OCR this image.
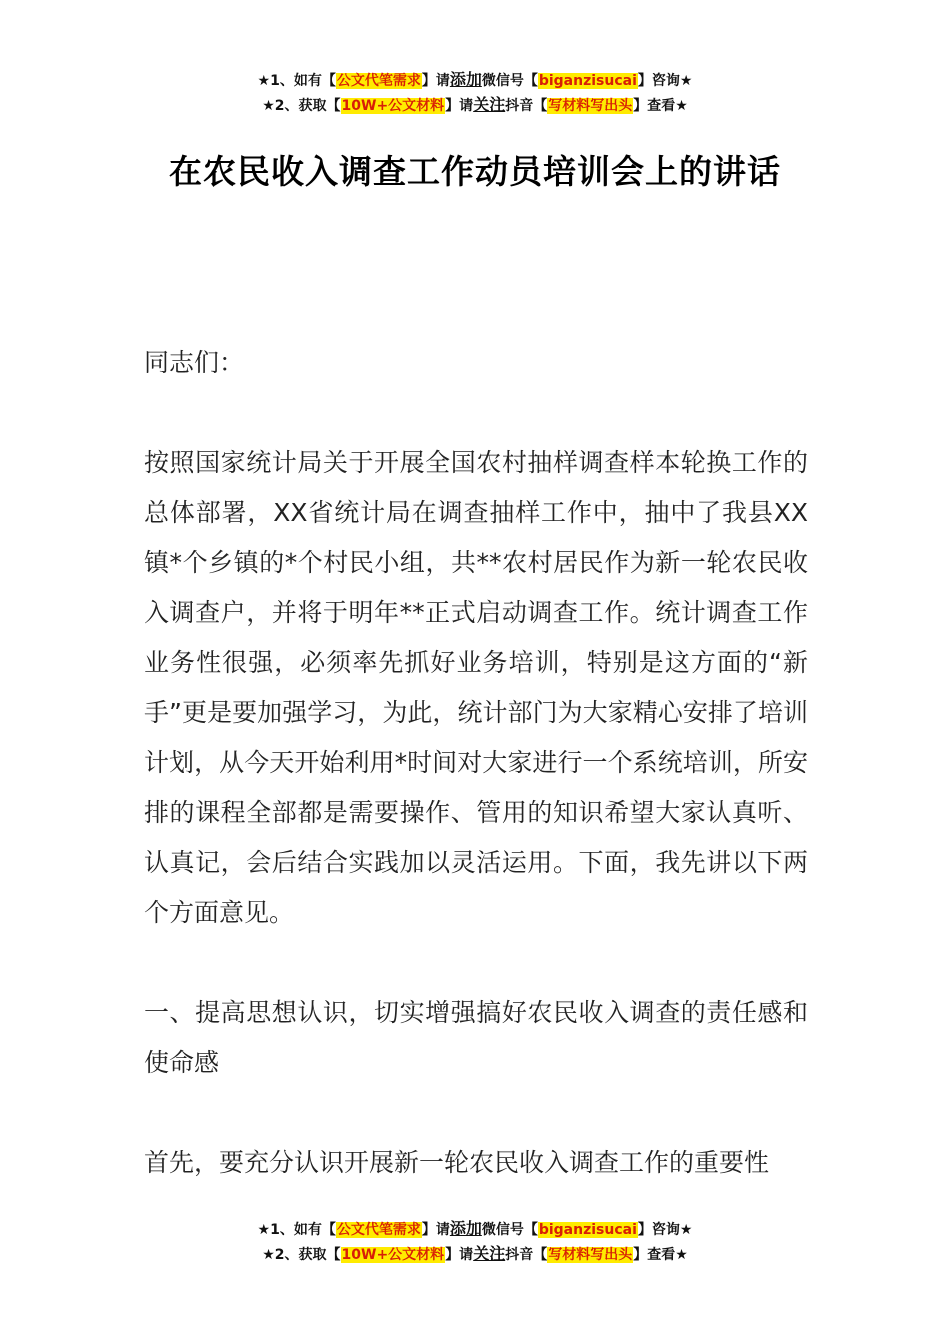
★1、如有【公文代笔需求】请添加微信号【biganzisucai】咨询★
★2、获取【10W+公文材料】请关注抖音【写材料写出头】查看★
在农民收入调查工作动员培训会上的讲话

同志们：

按照国家统计局关于开展全国农村抽样调查样本轮换工作的总体部署，XX省统计局在调查抽样工作中，抽中了我县XX镇*个乡镇的*个村民小组，共**农村居民作为新一轮农民收入调查户，并将于明年**正式启动调查工作。统计调查工作业务性很强，必须率先抓好业务培训，特别是这方面的“新手”更是要加强学习，为此，统计部门为大家精心安排了培训计划，从今天开始利用*时间对大家进行一个系统培训，所安排的课程全部都是需要操作、管用的知识希望大家认真听、认真记，会后结合实践加以灵活运用。下面，我先讲以下两个方面意见。

一、提高思想认识，切实增强搞好农民收入调查的责任感和使命感

首先，要充分认识开展新一轮农民收入调查工作的重要性

★1、如有【公文代笔需求】请添加微信号【biganzisucai】咨询★
★2、获取【10W+公文材料】请关注抖音【写材料写出头】查看★
